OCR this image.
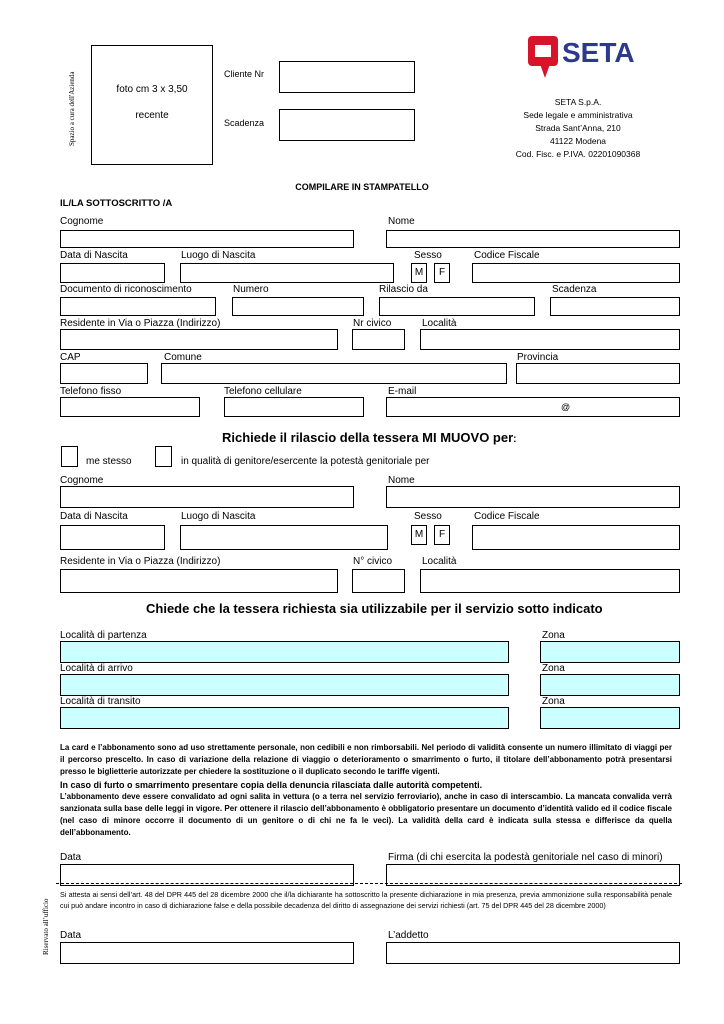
Spazio a cura dell'Azienda	foto cm 3 x 3,50
recente
Cliente Nr
Scadenza
SETA
SETA S.p.A.
Sede legale e amministrativa
Strada Sant’Anna, 210
41122 Modena
Cod. Fisc. e P.IVA. 02201090368
COMPILARE IN STAMPATELLO
IL/LA SOTTOSCRITTO /A
Cognome	Nome
Data di Nascita	Luogo di Nascita	Sesso	Codice Fiscale
M	F
Documento di riconoscimento	Numero	Rilascio da	Scadenza
Residente in Via o Piazza (Indirizzo)	Nr civico	Località
CAP	Comune	Provincia
Telefono fisso	Telefono cellulare	E-mail
@
Richiede il rilascio della tessera MI MUOVO per:
me stesso	in qualità di genitore/esercente la potestà genitoriale per
Cognome	Nome
Data di Nascita	Luogo di Nascita	Sesso	Codice Fiscale
M	F
Residente in Via o Piazza (Indirizzo)	N° civico	Località
Chiede che la tessera richiesta sia utilizzabile per il servizio sotto indicato
Località di partenza	Zona
Località di arrivo	Zona
Località di transito	Zona
La card e l’abbonamento sono ad uso strettamente personale, non cedibili e non rimborsabili. Nel periodo di validità consente un numero illimitato di viaggi per il percorso prescelto. In caso di variazione della relazione di viaggio o deterioramento o smarrimento o furto, il titolare dell’abbonamento potrà presentarsi presso le biglietterie autorizzate per chiedere la sostituzione o il duplicato secondo le tariffe vigenti.
In caso di furto o smarrimento presentare copia della denuncia rilasciata dalle autorità competenti.
L’abbonamento deve essere convalidato ad ogni salita in vettura (o a terra nel servizio ferroviario), anche in caso di interscambio. La mancata convalida verrà sanzionata sulla base delle leggi in vigore. Per ottenere il rilascio dell’abbonamento è obbligatorio presentare un documento d’identità valido ed il codice fiscale (nel caso di minore occorre il documento di un genitore o di chi ne fa le veci). La validità della card è indicata sulla stessa e differisce da quella dell’abbonamento.
Data	Firma (di chi esercita la podestà genitoriale nel caso di minori)
Riservato all’ufficio
Si attesta ai sensi dell’art. 48 del DPR 445 del 28 dicembre 2000 che il/la dichiarante ha sottoscritto la presente dichiarazione in mia presenza, previa ammonizione sulla responsabilità penale cui può andare incontro in caso di dichiarazione false e della possibile decadenza del diritto di assegnazione dei servizi richiesti (art. 75 del DPR 445 del 28 dicembre 2000)
Data	L’addetto
